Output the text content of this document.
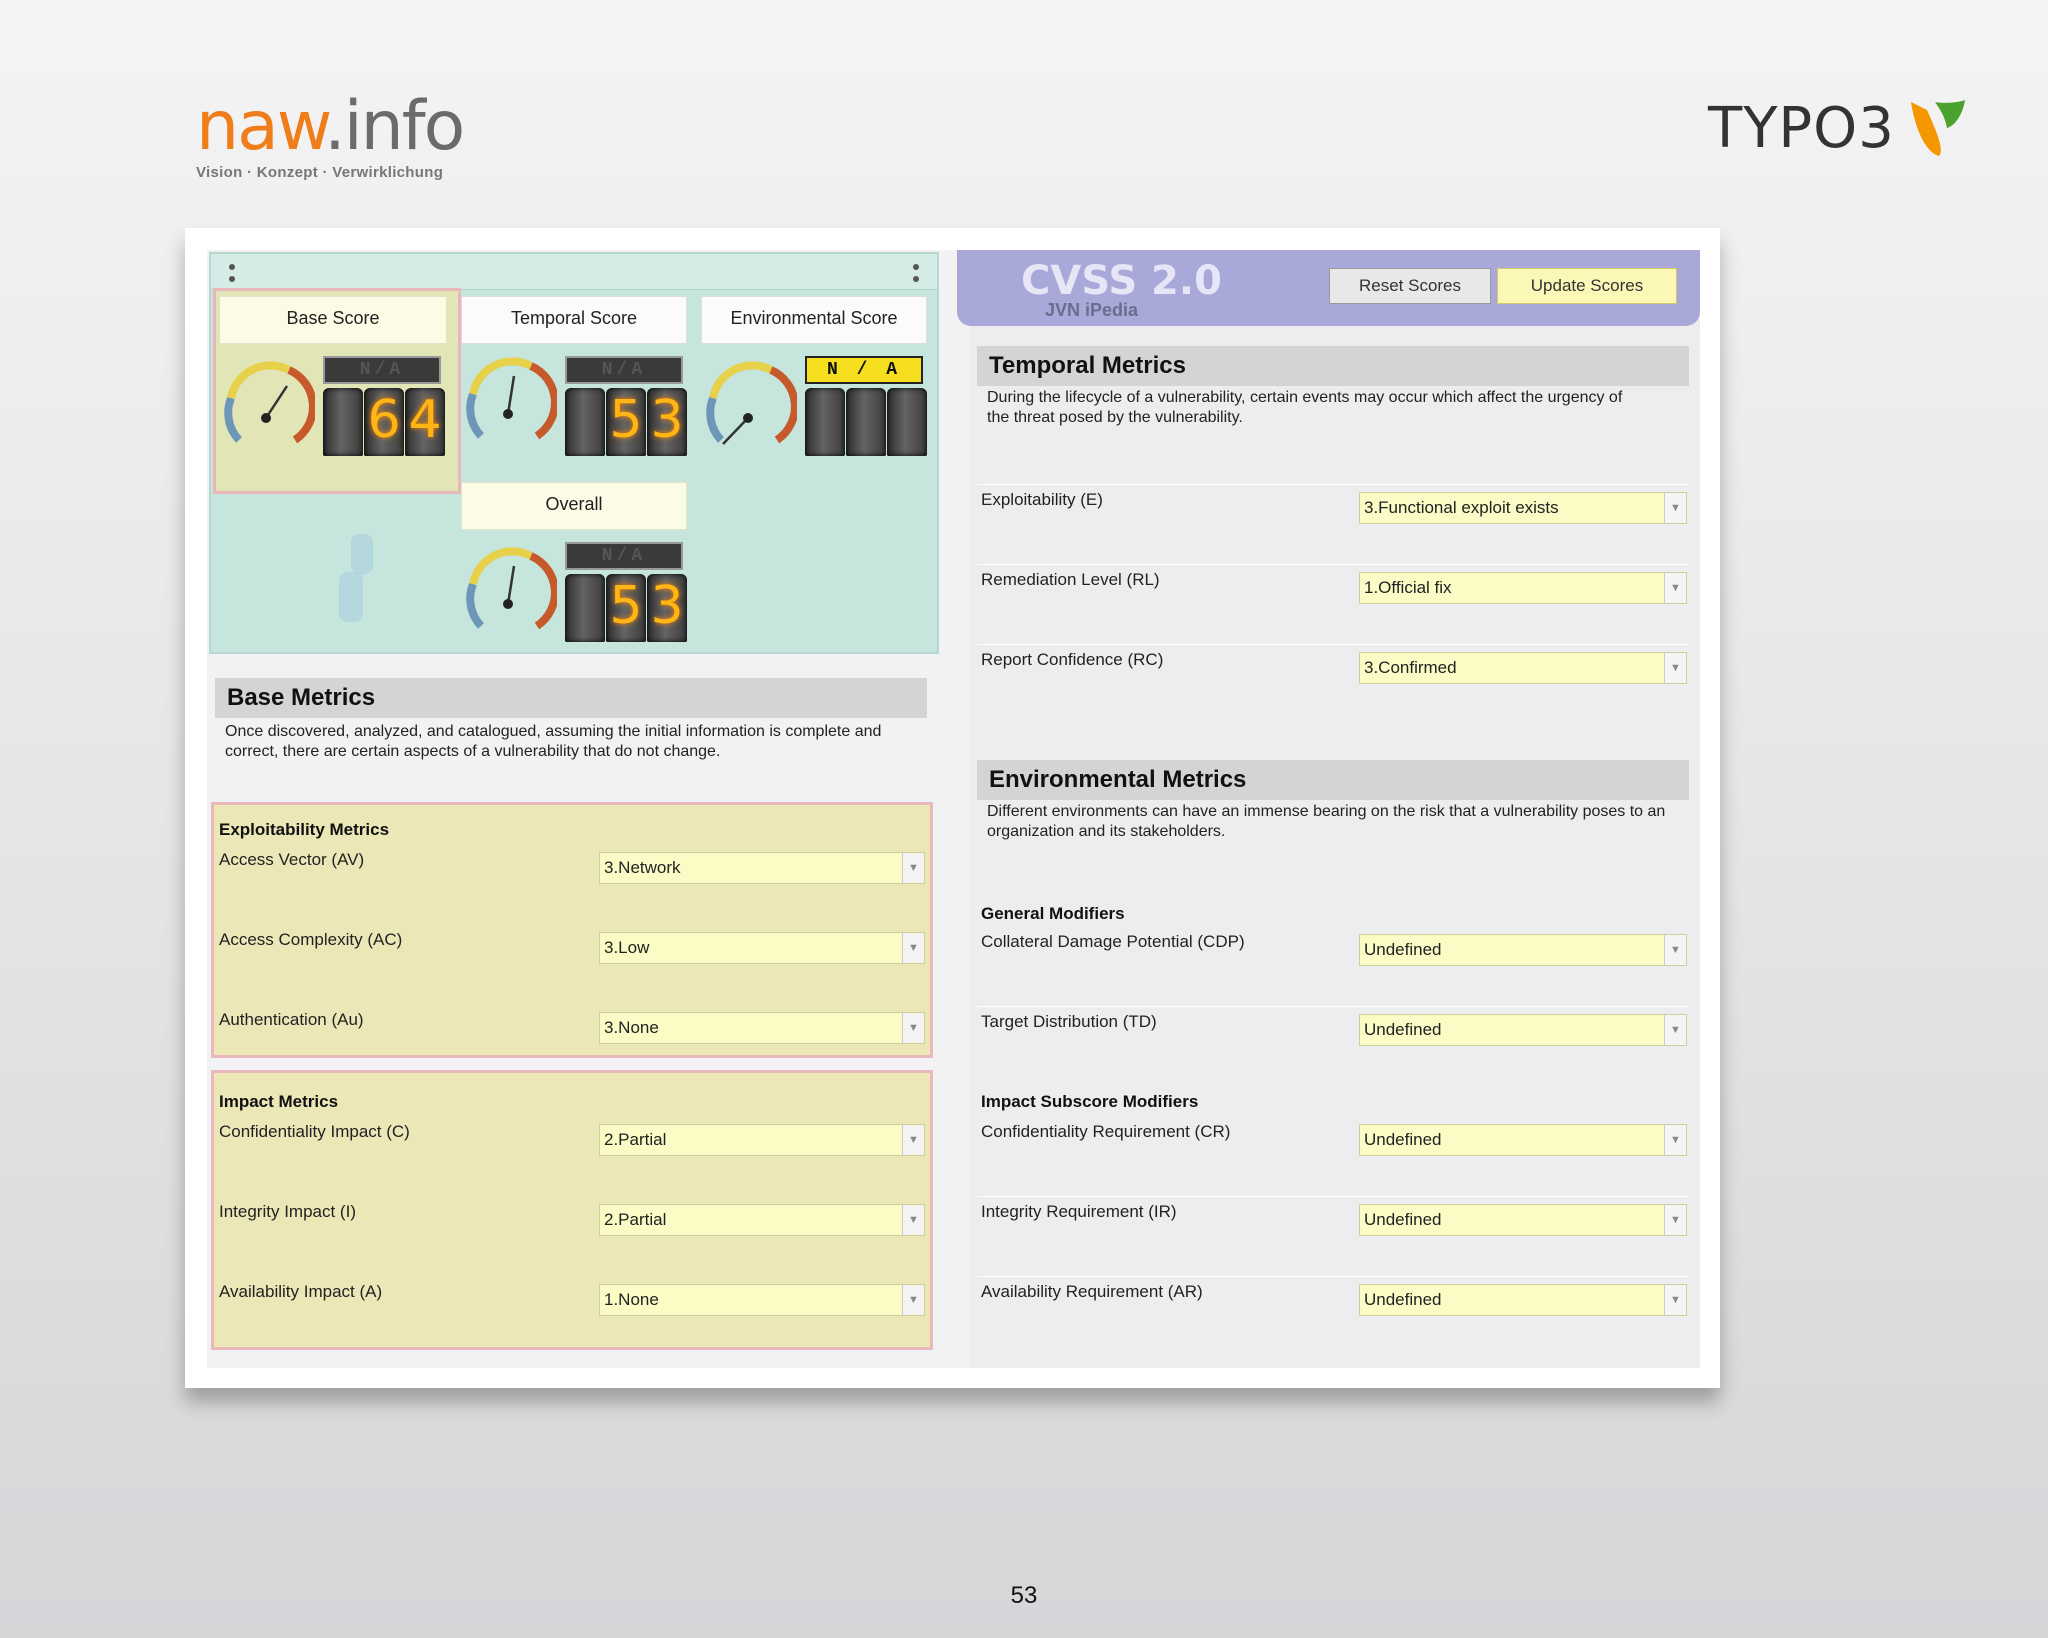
naw.info
Vision · Konzept · Verwirklichung
TYPO3
53
Base Score
N/A
6 4
Temporal Score
N/A
5 3
Environmental Score
N / A
Overall
N/A
5 3
Base Metrics
Once discovered, analyzed, and catalogued, assuming the initial information is complete and correct, there are certain aspects of a vulnerability that do not change.
Exploitability Metrics
Access Vector (AV)	3.Network	▼
Access Complexity (AC)	3.Low	▼
Authentication (Au)	3.None	▼
Impact Metrics
Confidentiality Impact (C)	2.Partial	▼
Integrity Impact (I)	2.Partial	▼
Availability Impact (A)	1.None	▼
CVSS 2.0
JVN iPedia
Reset Scores	Update Scores
Temporal Metrics
During the lifecycle of a vulnerability, certain events may occur which affect the urgency of the threat posed by the vulnerability.
Exploitability (E)	3.Functional exploit exists	▼
Remediation Level (RL)	1.Official fix	▼
Report Confidence (RC)	3.Confirmed	▼
Environmental Metrics
Different environments can have an immense bearing on the risk that a vulnerability poses to an organization and its stakeholders.
General Modifiers
Collateral Damage Potential (CDP)	Undefined	▼
Target Distribution (TD)	Undefined	▼
Impact Subscore Modifiers
Confidentiality Requirement (CR)	Undefined	▼
Integrity Requirement (IR)	Undefined	▼
Availability Requirement (AR)	Undefined	▼
